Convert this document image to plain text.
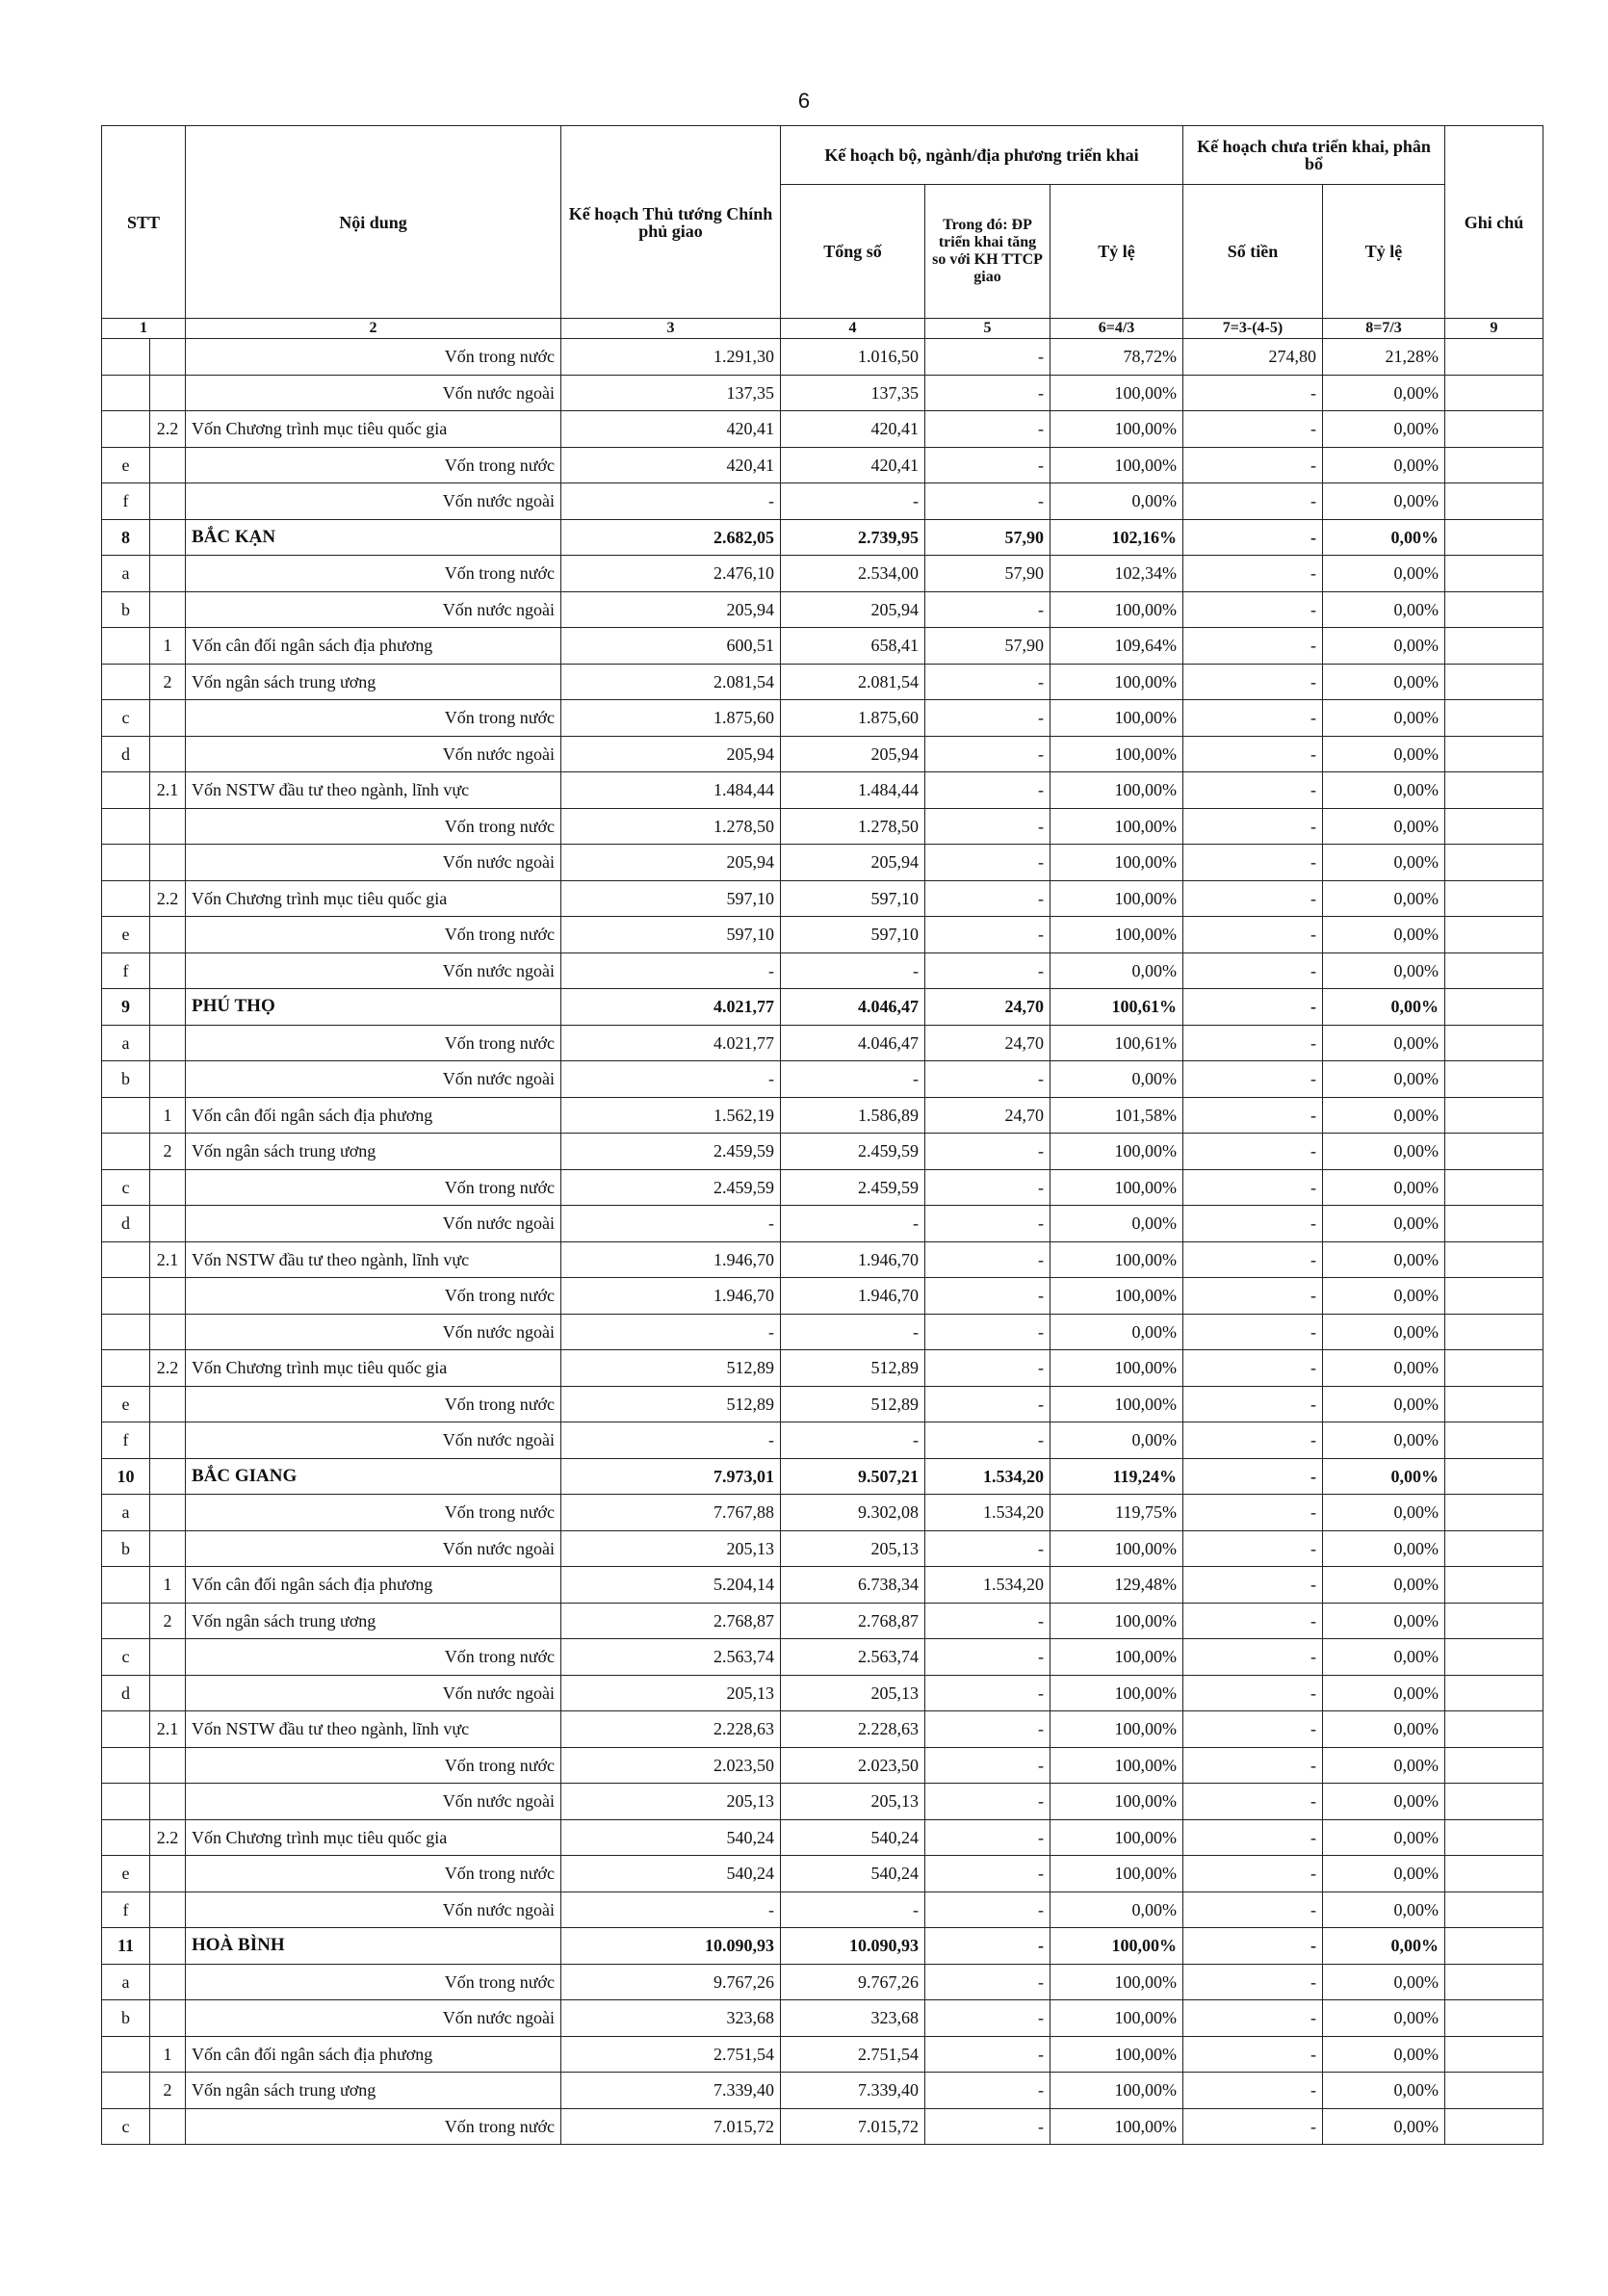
6
STT		Nội dung	Kế hoạch Thủ tướng Chính phủ giao	Kế hoạch bộ, ngành/địa phương triển khai			Kế hoạch chưa triển khai, phân bổ		Ghi chú
				Tổng số	Trong đó: ĐP triển khai tăng so với KH TTCP giao	Tỷ lệ	Số tiền	Tỷ lệ	
1		2	3	4	5	6=4/3	7=3-(4-5)	8=7/3	9
		Vốn trong nước	1.291,30	1.016,50	-	78,72%	274,80	21,28%	
		Vốn nước ngoài	137,35	137,35	-	100,00%	-	0,00%	
	2.2	Vốn Chương trình mục tiêu quốc gia	420,41	420,41	-	100,00%	-	0,00%	
e		Vốn trong nước	420,41	420,41	-	100,00%	-	0,00%	
f		Vốn nước ngoài	-	-	-	0,00%	-	0,00%	
8		BẮC KẠN	2.682,05	2.739,95	57,90	102,16%	-	0,00%	
a		Vốn trong nước	2.476,10	2.534,00	57,90	102,34%	-	0,00%	
b		Vốn nước ngoài	205,94	205,94	-	100,00%	-	0,00%	
	1	Vốn cân đối ngân sách địa phương	600,51	658,41	57,90	109,64%	-	0,00%	
	2	Vốn ngân sách trung ương	2.081,54	2.081,54	-	100,00%	-	0,00%	
c		Vốn trong nước	1.875,60	1.875,60	-	100,00%	-	0,00%	
d		Vốn nước ngoài	205,94	205,94	-	100,00%	-	0,00%	
	2.1	Vốn NSTW đầu tư theo ngành, lĩnh vực	1.484,44	1.484,44	-	100,00%	-	0,00%	
		Vốn trong nước	1.278,50	1.278,50	-	100,00%	-	0,00%	
		Vốn nước ngoài	205,94	205,94	-	100,00%	-	0,00%	
	2.2	Vốn Chương trình mục tiêu quốc gia	597,10	597,10	-	100,00%	-	0,00%	
e		Vốn trong nước	597,10	597,10	-	100,00%	-	0,00%	
f		Vốn nước ngoài	-	-	-	0,00%	-	0,00%	
9		PHÚ THỌ	4.021,77	4.046,47	24,70	100,61%	-	0,00%	
a		Vốn trong nước	4.021,77	4.046,47	24,70	100,61%	-	0,00%	
b		Vốn nước ngoài	-	-	-	0,00%	-	0,00%	
	1	Vốn cân đối ngân sách địa phương	1.562,19	1.586,89	24,70	101,58%	-	0,00%	
	2	Vốn ngân sách trung ương	2.459,59	2.459,59	-	100,00%	-	0,00%	
c		Vốn trong nước	2.459,59	2.459,59	-	100,00%	-	0,00%	
d		Vốn nước ngoài	-	-	-	0,00%	-	0,00%	
	2.1	Vốn NSTW đầu tư theo ngành, lĩnh vực	1.946,70	1.946,70	-	100,00%	-	0,00%	
		Vốn trong nước	1.946,70	1.946,70	-	100,00%	-	0,00%	
		Vốn nước ngoài	-	-	-	0,00%	-	0,00%	
	2.2	Vốn Chương trình mục tiêu quốc gia	512,89	512,89	-	100,00%	-	0,00%	
e		Vốn trong nước	512,89	512,89	-	100,00%	-	0,00%	
f		Vốn nước ngoài	-	-	-	0,00%	-	0,00%	
10		BẮC GIANG	7.973,01	9.507,21	1.534,20	119,24%	-	0,00%	
a		Vốn trong nước	7.767,88	9.302,08	1.534,20	119,75%	-	0,00%	
b		Vốn nước ngoài	205,13	205,13	-	100,00%	-	0,00%	
	1	Vốn cân đối ngân sách địa phương	5.204,14	6.738,34	1.534,20	129,48%	-	0,00%	
	2	Vốn ngân sách trung ương	2.768,87	2.768,87	-	100,00%	-	0,00%	
c		Vốn trong nước	2.563,74	2.563,74	-	100,00%	-	0,00%	
d		Vốn nước ngoài	205,13	205,13	-	100,00%	-	0,00%	
	2.1	Vốn NSTW đầu tư theo ngành, lĩnh vực	2.228,63	2.228,63	-	100,00%	-	0,00%	
		Vốn trong nước	2.023,50	2.023,50	-	100,00%	-	0,00%	
		Vốn nước ngoài	205,13	205,13	-	100,00%	-	0,00%	
	2.2	Vốn Chương trình mục tiêu quốc gia	540,24	540,24	-	100,00%	-	0,00%	
e		Vốn trong nước	540,24	540,24	-	100,00%	-	0,00%	
f		Vốn nước ngoài	-	-	-	0,00%	-	0,00%	
11		HOÀ BÌNH	10.090,93	10.090,93	-	100,00%	-	0,00%	
a		Vốn trong nước	9.767,26	9.767,26	-	100,00%	-	0,00%	
b		Vốn nước ngoài	323,68	323,68	-	100,00%	-	0,00%	
	1	Vốn cân đối ngân sách địa phương	2.751,54	2.751,54	-	100,00%	-	0,00%	
	2	Vốn ngân sách trung ương	7.339,40	7.339,40	-	100,00%	-	0,00%	
c		Vốn trong nước	7.015,72	7.015,72	-	100,00%	-	0,00%	
